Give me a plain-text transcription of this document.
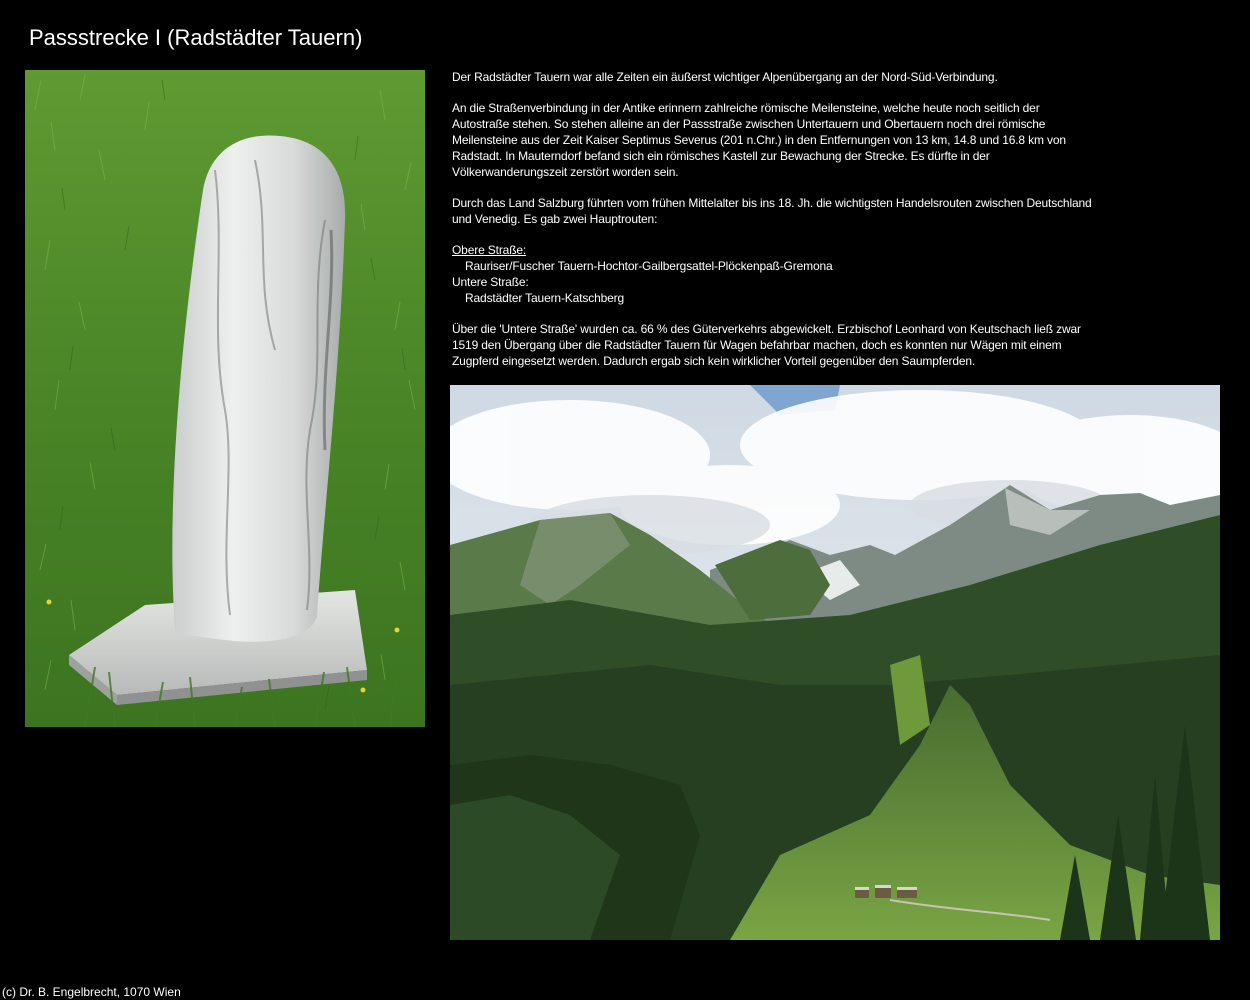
Passstrecke I (Radstädter Tauern)

Der Radstädter Tauern war alle Zeiten ein äußerst wichtiger Alpenübergang an der Nord-Süd-Verbindung.

An die Straßenverbindung in der Antike erinnern zahlreiche römische Meilensteine, welche heute noch seitlich der Autostraße stehen. So stehen alleine an der Passstraße zwischen Untertauern und Obertauern noch drei römische Meilensteine aus der Zeit Kaiser Septimus Severus (201 n.Chr.) in den Entfernungen von 13 km, 14.8 und 16.8 km von Radstadt. In Mauterndorf befand sich ein römisches Kastell zur Bewachung der Strecke. Es dürfte in der Völkerwanderungszeit zerstört worden sein.

Durch das Land Salzburg führten vom frühen Mittelalter bis ins 18. Jh. die wichtigsten Handelsrouten zwischen Deutschland und Venedig. Es gab zwei Hauptrouten:

Obere Straße:
Rauriser/Fuscher Tauern-Hochtor-Gailbergsattel-Plöckenpaß-Gremona
Untere Straße:
Radstädter Tauern-Katschberg

Über die 'Untere Straße' wurden ca. 66 % des Güterverkehrs abgewickelt. Erzbischof Leonhard von Keutschach ließ zwar 1519 den Übergang über die Radstädter Tauern für Wagen befahrbar machen, doch es konnten nur Wägen mit einem Zugpferd eingesetzt werden. Dadurch ergab sich kein wirklicher Vorteil gegenüber den Saumpferden.

(c) Dr. B. Engelbrecht, 1070 Wien
